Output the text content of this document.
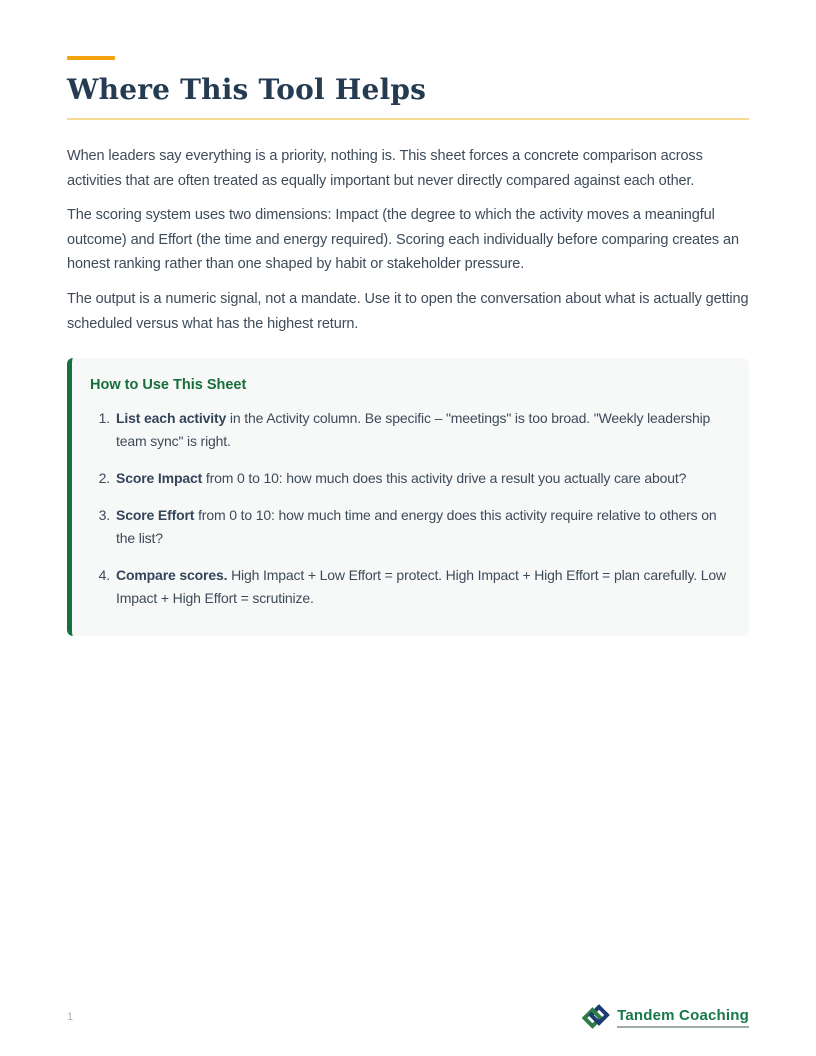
Where This Tool Helps

When leaders say everything is a priority, nothing is. This sheet forces a concrete comparison across activities that are often treated as equally important but never directly compared against each other.

The scoring system uses two dimensions: Impact (the degree to which the activity moves a meaningful outcome) and Effort (the time and energy required). Scoring each individually before comparing creates an honest ranking rather than one shaped by habit or stakeholder pressure.

The output is a numeric signal, not a mandate. Use it to open the conversation about what is actually getting scheduled versus what has the highest return.

How to Use This Sheet
1. List each activity in the Activity column. Be specific – "meetings" is too broad. "Weekly leadership team sync" is right.
2. Score Impact from 0 to 10: how much does this activity drive a result you actually care about?
3. Score Effort from 0 to 10: how much time and energy does this activity require relative to others on the list?
4. Compare scores. High Impact + Low Effort = protect. High Impact + High Effort = plan carefully. Low Impact + High Effort = scrutinize.
1	Tandem Coaching
